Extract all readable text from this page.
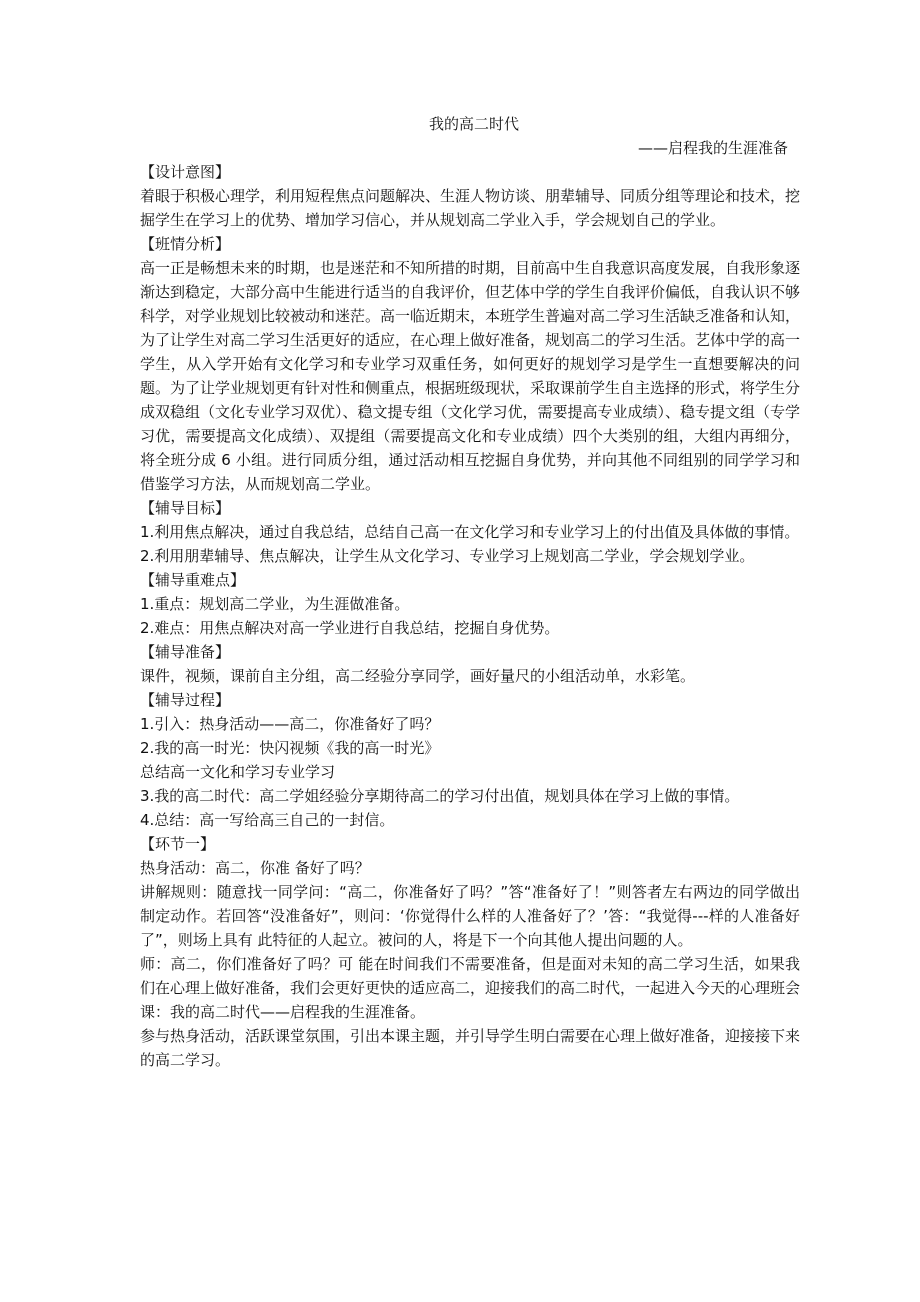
我的高二时代

——启程我的生涯准备

【设计意图】

着眼于积极心理学，利用短程焦点问题解决、生涯人物访谈、朋辈辅导、同质分组等理论和技术，挖掘学生在学习上的优势、增加学习信心，并从规划高二学业入手，学会规划自己的学业。

【班情分析】

高一正是畅想未来的时期，也是迷茫和不知所措的时期，目前高中生自我意识高度发展，自我形象逐渐达到稳定，大部分高中生能进行适当的自我评价，但艺体中学的学生自我评价偏低，自我认识不够科学，对学业规划比较被动和迷茫。高一临近期末，本班学生普遍对高二学习生活缺乏准备和认知，为了让学生对高二学习生活更好的适应，在心理上做好准备，规划高二的学习生活。艺体中学的高一学生，从入学开始有文化学习和专业学习双重任务，如何更好的规划学习是学生一直想要解决的问题。为了让学业规划更有针对性和侧重点，根据班级现状，采取课前学生自主选择的形式，将学生分成双稳组（文化专业学习双优）、稳文提专组（文化学习优，需要提高专业成绩）、稳专提文组（专学习优，需要提高文化成绩）、双提组（需要提高文化和专业成绩）四个大类别的组，大组内再细分，将全班分成 6 小组。进行同质分组，通过活动相互挖掘自身优势，并向其他不同组别的同学学习和借鉴学习方法，从而规划高二学业。

【辅导目标】

1.利用焦点解决，通过自我总结，总结自己高一在文化学习和专业学习上的付出值及具体做的事情。

2.利用朋辈辅导、焦点解决，让学生从文化学习、专业学习上规划高二学业，学会规划学业。

【辅导重难点】

1.重点：规划高二学业，为生涯做准备。

2.难点：用焦点解决对高一学业进行自我总结，挖掘自身优势。

【辅导准备】

课件，视频，课前自主分组，高二经验分享同学，画好量尺的小组活动单，水彩笔。

【辅导过程】

1.引入：热身活动——高二，你准备好了吗？

2.我的高一时光：快闪视频《我的高一时光》

总结高一文化和学习专业学习

3.我的高二时代：高二学姐经验分享期待高二的学习付出值，规划具体在学习上做的事情。

4.总结：高一写给高三自己的一封信。

【环节一】

热身活动：高二，你准 备好了吗？

讲解规则：随意找一同学问：“高二，你准备好了吗？”答“准备好了！”则答者左右两边的同学做出制定动作。若回答“没准备好”，则问：‘你觉得什么样的人准备好了？’答：“我觉得---样的人准备好了”，则场上具有 此特征的人起立。被问的人，将是下一个向其他人提出问题的人。

师：高二，你们准备好了吗？可 能在时间我们不需要准备，但是面对未知的高二学习生活，如果我们在心理上做好准备，我们会更好更快的适应高二，迎接我们的高二时代，一起进入今天的心理班会课：我的高二时代——启程我的生涯准备。

参与热身活动，活跃课堂氛围，引出本课主题，并引导学生明白需要在心理上做好准备，迎接接下来的高二学习。
